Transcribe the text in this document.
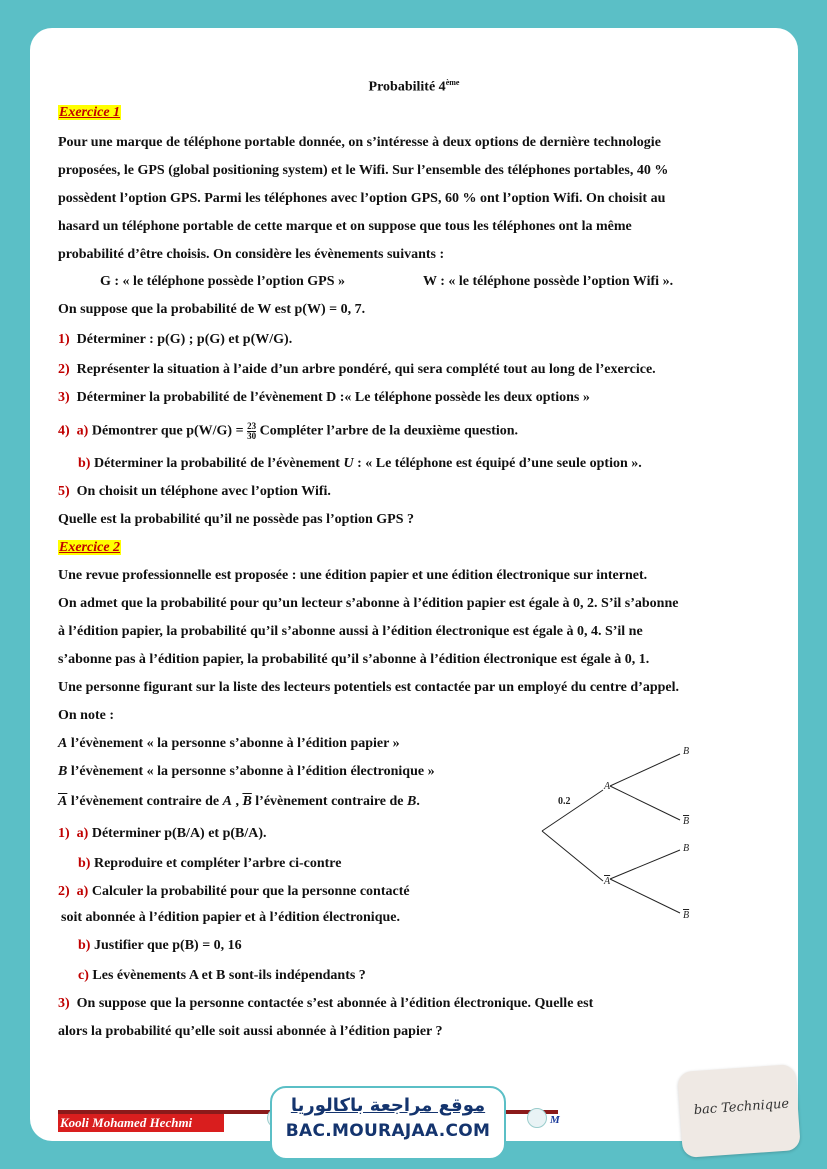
Probabilité 4ème
Exercice 1
Pour une marque de téléphone portable donnée, on s’intéresse à deux options de dernière technologie
proposées, le GPS (global positioning system) et le Wifi. Sur l’ensemble des téléphones portables, 40 %
possèdent l’option GPS. Parmi les téléphones avec l’option GPS, 60 % ont l’option Wifi. On choisit au
hasard un téléphone portable de cette marque et on suppose que tous les téléphones ont la même
probabilité d’être choisis. On considère les évènements suivants :
G : « le téléphone possède l’option GPS »	W : « le téléphone possède l’option Wifi ».
On suppose que la probabilité de W est p(W) = 0, 7.
1) Déterminer : p(G) ; p(G) et p(W/G).
2) Représenter la situation à l’aide d’un arbre pondéré, qui sera complété tout au long de l’exercice.
3) Déterminer la probabilité de l’évènement D :« Le téléphone possède les deux options »
4) a) Démontrer que $p(W/G) = \frac{23}{30}$ Compléter l’arbre de la deuxième question.
b) Déterminer la probabilité de l’évènement U : « Le téléphone est équipé d’une seule option ».
5) On choisit un téléphone avec l’option Wifi.
Quelle est la probabilité qu’il ne possède pas l’option GPS ?
Exercice 2
Une revue professionnelle est proposée : une édition papier et une édition électronique sur internet.
On admet que la probabilité pour qu’un lecteur s’abonne à l’édition papier est égale à 0, 2. S’il s’abonne
à l’édition papier, la probabilité qu’il s’abonne aussi à l’édition électronique est égale à 0, 4. S’il ne
s’abonne pas à l’édition papier, la probabilité qu’il s’abonne à l’édition électronique est égale à 0, 1.
Une personne figurant sur la liste des lecteurs potentiels est contactée par un employé du centre d’appel.
On note :
A l’évènement « la personne s’abonne à l’édition papier »
B l’évènement « la personne s’abonne à l’édition électronique »
$\overline{A}$ l’évènement contraire de A , $\overline{B}$ l’évènement contraire de B.
1) a) Déterminer p(B/A) et p(B/A).
b) Reproduire et compléter l’arbre ci-contre
2) a) Calculer la probabilité pour que la personne contacté
soit abonnée à l’édition papier et à l’édition électronique.
b) Justifier que p(B) = 0, 16
c) Les évènements A et B sont-ils indépendants ?
3) On suppose que la personne contactée s’est abonnée à l’édition électronique. Quelle est
alors la probabilité qu’elle soit aussi abonnée à l’édition papier ?
0.2
A
A
B
B
B
B
Kooli Mohamed Hechmi	M
موقع مراجعة باكالوريا
BAC.MOURAJAA.COM
bac Technique
